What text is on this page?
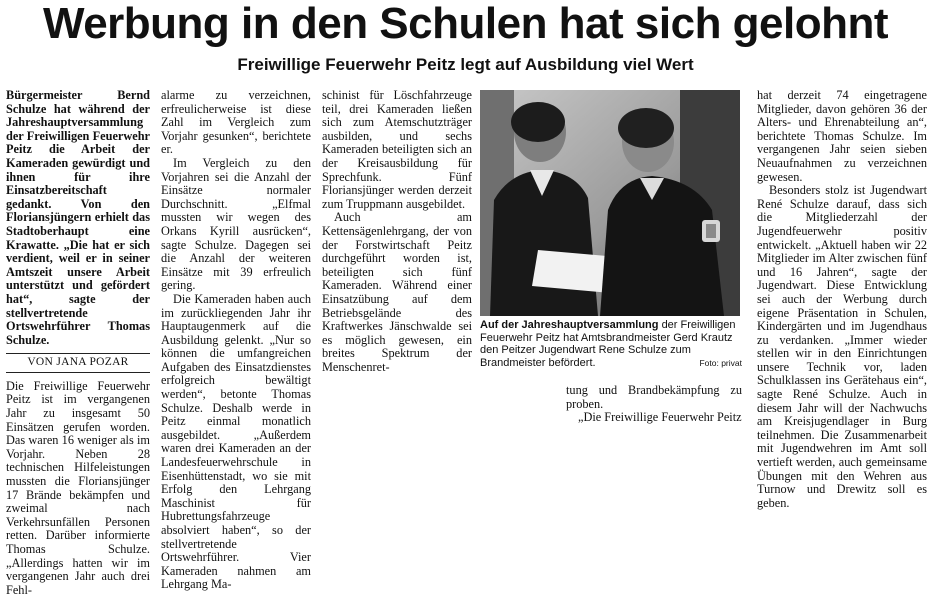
Werbung in den Schulen hat sich gelohnt
Freiwillige Feuerwehr Peitz legt auf Ausbildung viel Wert

Bürgermeister Bernd Schulze hat während der Jahreshauptversammlung der Freiwilligen Feuerwehr Peitz die Arbeit der Kameraden gewürdigt und ihnen für ihre Einsatzbereitschaft gedankt. Von den Floriansjüngern erhielt das Stadtoberhaupt eine Krawatte. „Die hat er sich verdient, weil er in seiner Amtszeit unsere Arbeit unterstützt und gefördert hat“, sagte der stellvertretende Ortswehrführer Thomas Schulze.

VON JANA POZAR

Die Freiwillige Feuerwehr Peitz ist im vergangenen Jahr zu insgesamt 50 Einsätzen gerufen worden. Das waren 16 weniger als im Vorjahr. Neben 28 technischen Hilfeleistungen mussten die Floriansjünger 17 Brände bekämpfen und zweimal nach Verkehrsunfällen Personen retten. Darüber informierte Thomas Schulze. „Allerdings hatten wir im vergangenen Jahr auch drei Fehl-

alarme zu verzeichnen, erfreulicherweise ist diese Zahl im Vergleich zum Vorjahr gesunken“, berichtete er.

Im Vergleich zu den Vorjahren sei die Anzahl der Einsätze normaler Durchschnitt. „Elfmal mussten wir wegen des Orkans Kyrill ausrücken“, sagte Schulze. Dagegen sei die Anzahl der weiteren Einsätze mit 39 erfreulich gering.

Die Kameraden haben auch im zurückliegenden Jahr ihr Hauptaugenmerk auf die Ausbildung gelenkt. „Nur so können die umfangreichen Aufgaben des Einsatzdienstes erfolgreich bewältigt werden“, betonte Thomas Schulze. Deshalb werde in Peitz einmal monatlich ausgebildet. „Außerdem waren drei Kameraden an der Landesfeuerwehrschule in Eisenhüttenstadt, wo sie mit Erfolg den Lehrgang Maschinist für Hubrettungsfahrzeuge absolviert haben“, so der stellvertretende Ortswehrführer. Vier Kameraden nahmen am Lehrgang Ma-

schinist für Löschfahrzeuge teil, drei Kameraden ließen sich zum Atemschutzträger ausbilden, und sechs Kameraden beteiligten sich an der Kreisausbildung für Sprechfunk. Fünf Floriansjünger werden derzeit zum Truppmann ausgebildet.

Auch am Kettensägenlehrgang, der von der Forstwirtschaft Peitz durchgeführt worden ist, beteiligten sich fünf Kameraden. Während einer Einsatzübung auf dem Betriebsgelände des Kraftwerkes Jänschwalde sei es möglich gewesen, ein breites Spektrum der Menschenret-

Auf der Jahreshauptversammlung der Freiwilligen Feuerwehr Peitz hat Amtsbrandmeister Gerd Krautz den Peitzer Jugendwart Rene Schulze zum Brandmeister befördert.	Foto: privat

tung und Brandbekämpfung zu proben.

„Die Freiwillige Feuerwehr Peitz

hat derzeit 74 eingetragene Mitglieder, davon gehören 36 der Alters- und Ehrenabteilung an“, berichtete Thomas Schulze. Im vergangenen Jahr seien sieben Neuaufnahmen zu verzeichnen gewesen.

Besonders stolz ist Jugendwart René Schulze darauf, dass sich die Mitgliederzahl der Jugendfeuerwehr positiv entwickelt. „Aktuell haben wir 22 Mitglieder im Alter zwischen fünf und 16 Jahren“, sagte der Jugendwart. Diese Entwicklung sei auch der Werbung durch eigene Präsentation in Schulen, Kindergärten und im Jugendhaus zu verdanken. „Immer wieder stellen wir in den Einrichtungen unsere Technik vor, laden Schulklassen ins Gerätehaus ein“, sagte René Schulze. Auch in diesem Jahr will der Nachwuchs am Kreisjugendlager in Burg teilnehmen. Die Zusammenarbeit mit Jugendwehren im Amt soll vertieft werden, auch gemeinsame Übungen mit den Wehren aus Turnow und Drewitz soll es geben.
